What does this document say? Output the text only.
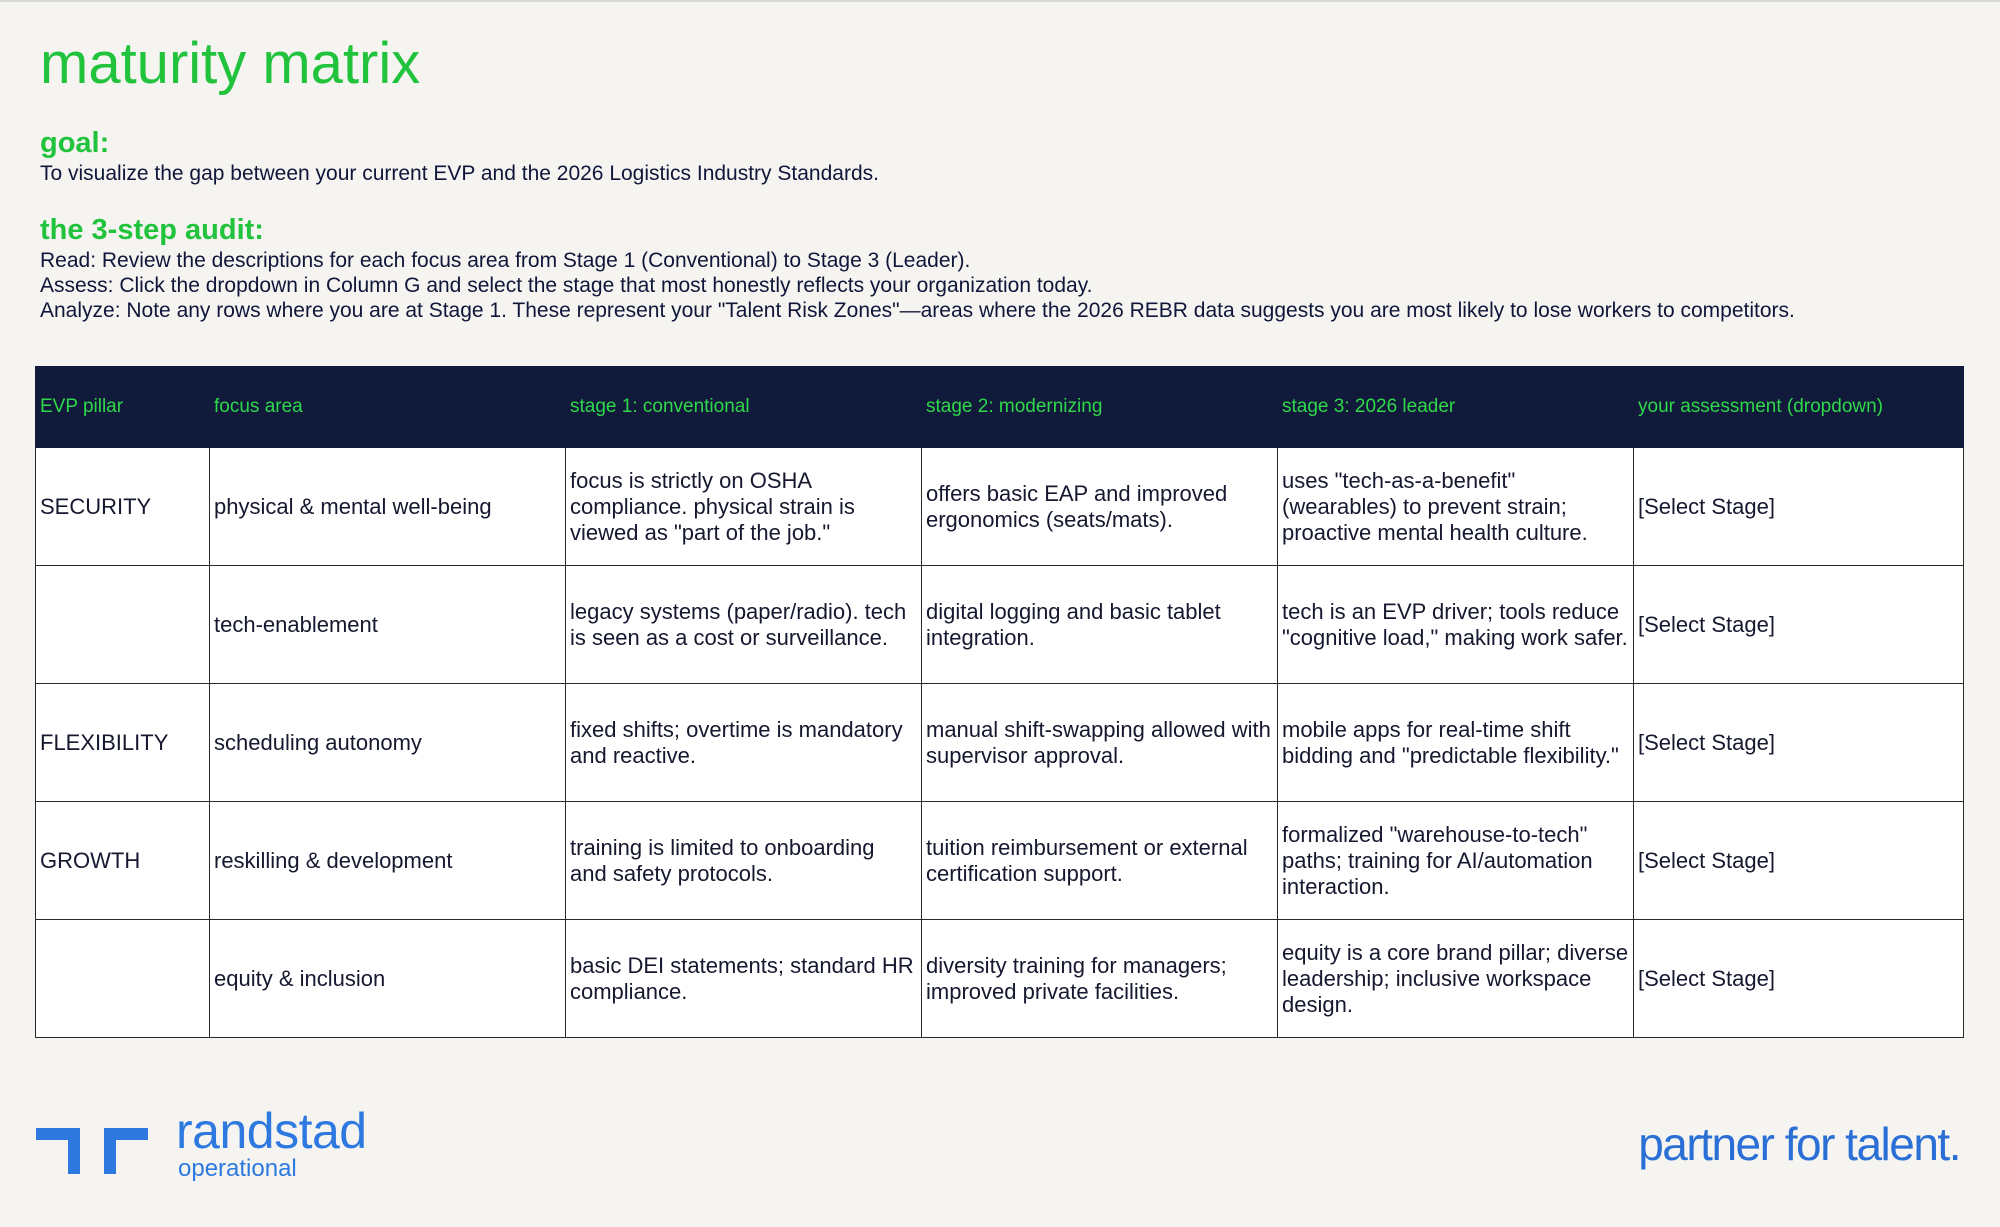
maturity matrix
goal:

To visualize the gap between your current EVP and the 2026 Logistics Industry Standards.

the 3-step audit:

Read: Review the descriptions for each focus area from Stage 1 (Conventional) to Stage 3 (Leader).

Assess: Click the dropdown in Column G and select the stage that most honestly reflects your organization today.

Analyze: Note any rows where you are at Stage 1. These represent your "Talent Risk Zones"—areas where the 2026 REBR data suggests you are most likely to lose workers to competitors.

EVP pillar	focus area	stage 1: conventional	stage 2: modernizing	stage 3: 2026 leader	your assessment (dropdown)
SECURITY	physical & mental well-being	focus is strictly on OSHA compliance. physical strain is viewed as "part of the job."	offers basic EAP and improved ergonomics (seats/mats).	uses "tech-as-a-benefit" (wearables) to prevent strain; proactive mental health culture.	[Select Stage]
	tech-enablement	legacy systems (paper/radio). tech is seen as a cost or surveillance.	digital logging and basic tablet integration.	tech is an EVP driver; tools reduce "cognitive load," making work safer.	[Select Stage]
FLEXIBILITY	scheduling autonomy	fixed shifts; overtime is mandatory and reactive.	manual shift-swapping allowed with supervisor approval.	mobile apps for real-time shift bidding and "predictable flexibility."	[Select Stage]
GROWTH	reskilling & development	training is limited to onboarding and safety protocols.	tuition reimbursement or external certification support.	formalized "warehouse-to-tech" paths; training for AI/automation interaction.	[Select Stage]
	equity & inclusion	basic DEI statements; standard HR compliance.	diversity training for managers; improved private facilities.	equity is a core brand pillar; diverse leadership; inclusive workspace design.	[Select Stage]
randstad
operational	partner for talent.
